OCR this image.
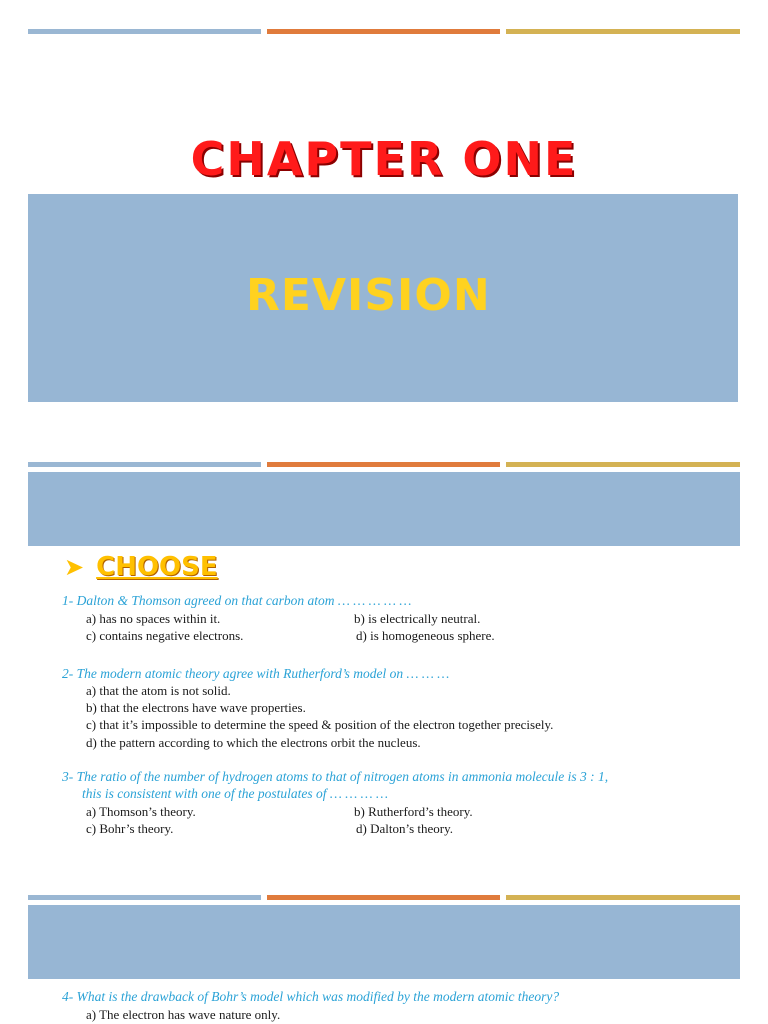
CHAPTER ONE
REVISION
➤ CHOOSE
1- Dalton & Thomson agreed on that carbon atom … … … … …
a) has no spaces within it.	b) is electrically neutral.
c) contains negative electrons.	d) is homogeneous sphere.
2- The modern atomic theory agree with Rutherford’s model on … … …
a) that the atom is not solid.
b) that the electrons have wave properties.
c) that it’s impossible to determine the speed & position of the electron together precisely.
d) the pattern according to which the electrons orbit the nucleus.
3- The ratio of the number of hydrogen atoms to that of nitrogen atoms in ammonia molecule is 3 : 1,
this is consistent with one of the postulates of … … … …
a) Thomson’s theory.	b) Rutherford’s theory.
c) Bohr’s theory.	d) Dalton’s theory.
4- What is the drawback of Bohr’s model which was modified by the modern atomic theory?
a) The electron has wave nature only.
